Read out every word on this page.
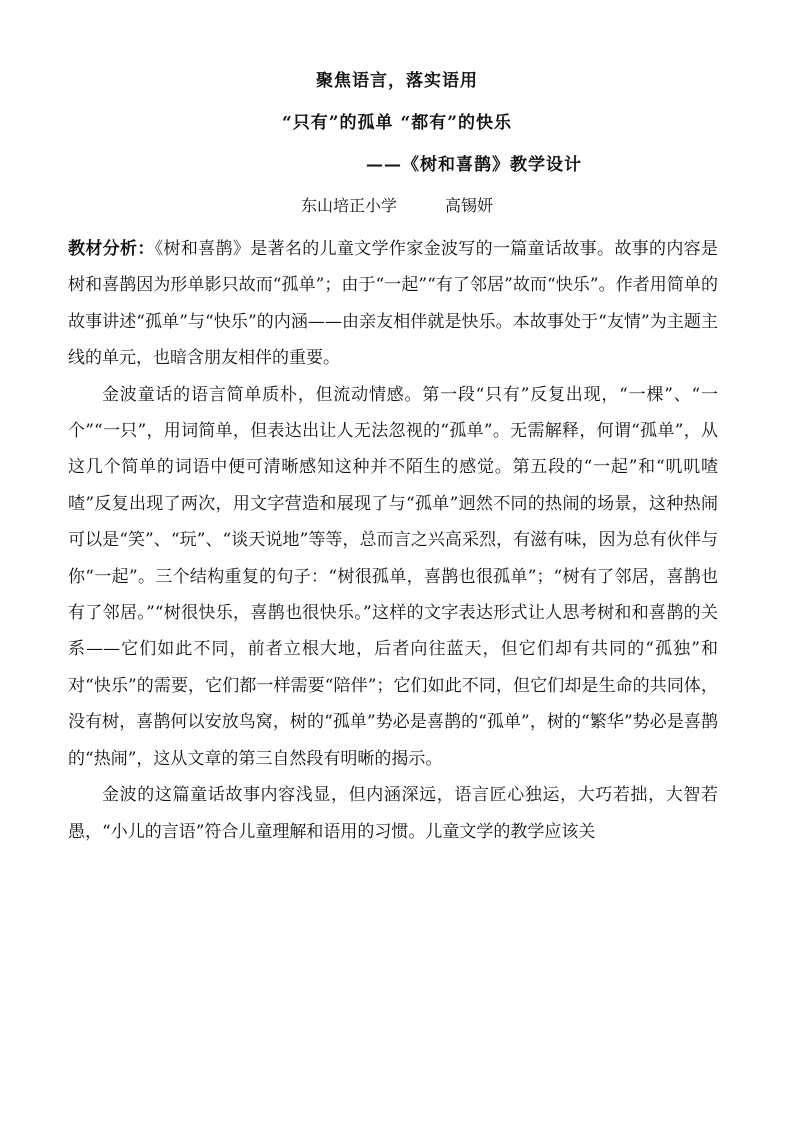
聚焦语言，落实语用
“只有”的孤单 “都有”的快乐
——《树和喜鹊》教学设计
东山培正小学	高锡妍

教材分析：《树和喜鹊》是著名的儿童文学作家金波写的一篇童话故事。故事的内容是树和喜鹊因为形单影只故而“孤单”；由于“一起”“有了邻居”故而“快乐”。作者用简单的故事讲述“孤单”与“快乐”的内涵——由亲友相伴就是快乐。本故事处于“友情”为主题主线的单元，也暗含朋友相伴的重要。

金波童话的语言简单质朴，但流动情感。第一段“只有”反复出现，“一棵”、“一个”“一只”，用词简单，但表达出让人无法忽视的“孤单”。无需解释，何谓“孤单”，从这几个简单的词语中便可清晰感知这种并不陌生的感觉。第五段的“一起”和“叽叽喳喳”反复出现了两次，用文字营造和展现了与“孤单”迥然不同的热闹的场景，这种热闹可以是“笑”、“玩”、“谈天说地”等等，总而言之兴高采烈，有滋有味，因为总有伙伴与你“一起”。三个结构重复的句子：“树很孤单，喜鹊也很孤单”；“树有了邻居，喜鹊也有了邻居。”“树很快乐，喜鹊也很快乐。”这样的文字表达形式让人思考树和和喜鹊的关系——它们如此不同，前者立根大地，后者向往蓝天，但它们却有共同的“孤独”和对“快乐”的需要，它们都一样需要“陪伴”；它们如此不同，但它们却是生命的共同体，没有树，喜鹊何以安放鸟窝，树的“孤单”势必是喜鹊的“孤单”，树的“繁华”势必是喜鹊的“热闹”，这从文章的第三自然段有明晰的揭示。

金波的这篇童话故事内容浅显，但内涵深远，语言匠心独运，大巧若拙，大智若愚，“小儿的言语”符合儿童理解和语用的习惯。儿童文学的教学应该关
